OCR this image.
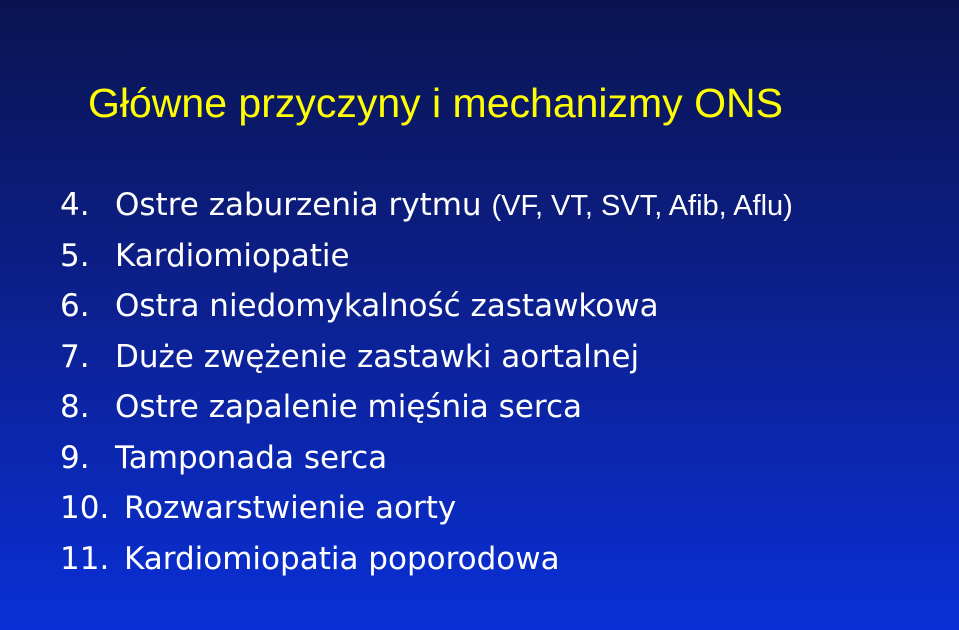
Główne przyczyny i mechanizmy ONS
4. Ostre zaburzenia rytmu (VF, VT, SVT, Afib, Aflu)
5. Kardiomiopatie
6. Ostra niedomykalność zastawkowa
7. Duże zwężenie zastawki aortalnej
8. Ostre zapalenie mięśnia serca
9. Tamponada serca
10. Rozwarstwienie aorty
11. Kardiomiopatia poporodowa
